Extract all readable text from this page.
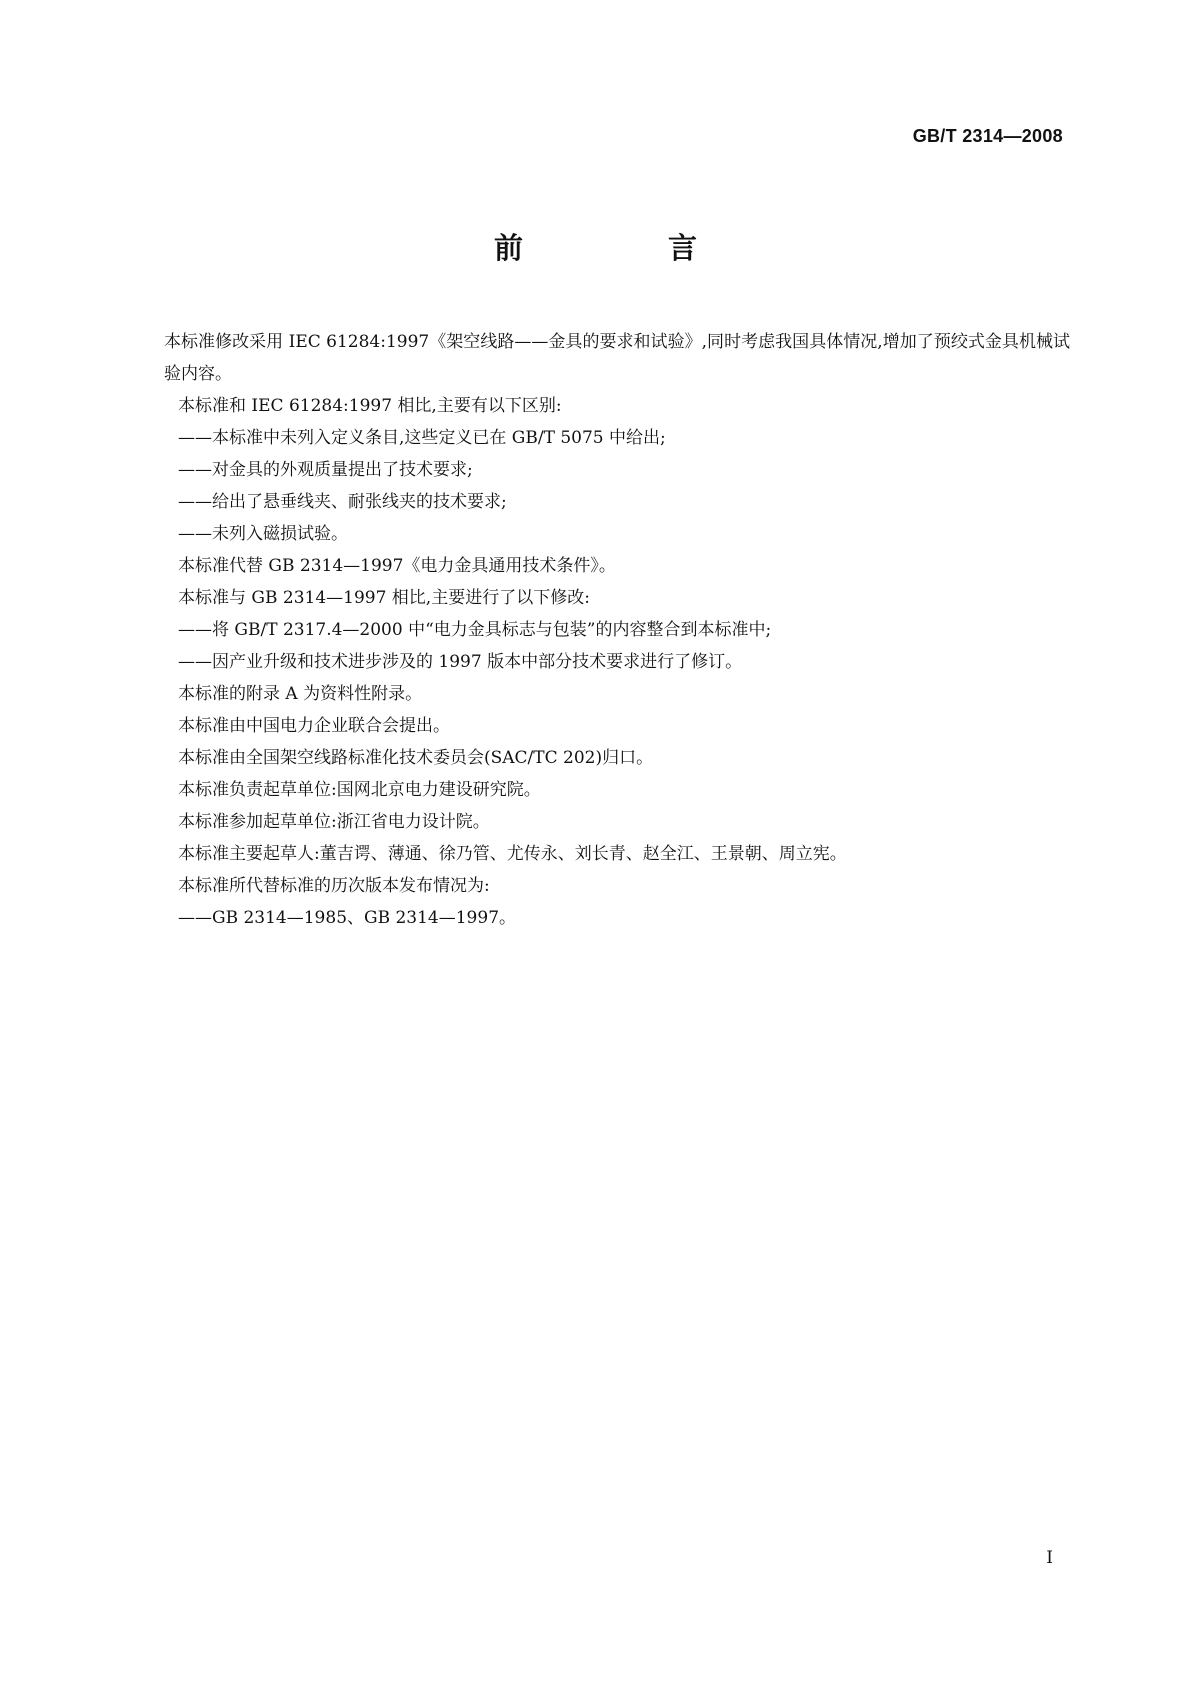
GB/T 2314—2008
前　言

本标准修改采用 IEC 61284:1997《架空线路——金具的要求和试验》,同时考虑我国具体情况,增加了预绞式金具机械试验内容。

本标准和 IEC 61284:1997 相比,主要有以下区别:

——本标准中未列入定义条目,这些定义已在 GB/T 5075 中给出;

——对金具的外观质量提出了技术要求;

——给出了悬垂线夹、耐张线夹的技术要求;

——未列入磁损试验。

本标准代替 GB 2314—1997《电力金具通用技术条件》。

本标准与 GB 2314—1997 相比,主要进行了以下修改:

——将 GB/T 2317.4—2000 中“电力金具标志与包装”的内容整合到本标准中;

——因产业升级和技术进步涉及的 1997 版本中部分技术要求进行了修订。

本标准的附录 A 为资料性附录。

本标准由中国电力企业联合会提出。

本标准由全国架空线路标准化技术委员会(SAC/TC 202)归口。

本标准负责起草单位:国网北京电力建设研究院。

本标准参加起草单位:浙江省电力设计院。

本标准主要起草人:董吉谔、薄通、徐乃管、尤传永、刘长青、赵全江、王景朝、周立宪。

本标准所代替标准的历次版本发布情况为:

——GB 2314—1985、GB 2314—1997。

I
